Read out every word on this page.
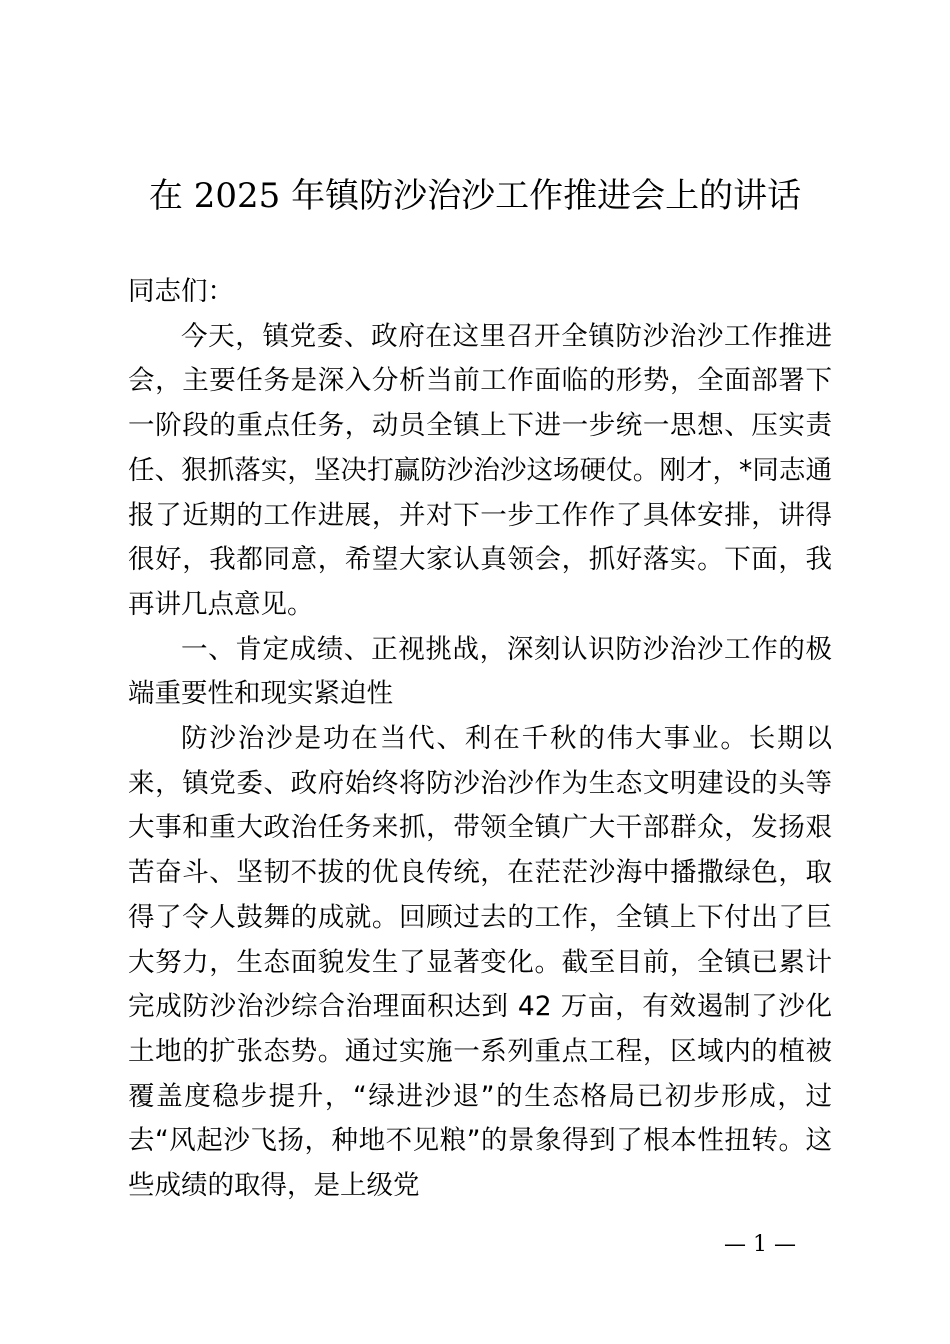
在 2025 年镇防沙治沙工作推进会上的讲话

同志们：

今天，镇党委、政府在这里召开全镇防沙治沙工作推进会，主要任务是深入分析当前工作面临的形势，全面部署下一阶段的重点任务，动员全镇上下进一步统一思想、压实责任、狠抓落实，坚决打赢防沙治沙这场硬仗。刚才，*同志通报了近期的工作进展，并对下一步工作作了具体安排，讲得很好，我都同意，希望大家认真领会，抓好落实。下面，我再讲几点意见。

一、肯定成绩、正视挑战，深刻认识防沙治沙工作的极端重要性和现实紧迫性

防沙治沙是功在当代、利在千秋的伟大事业。长期以来，镇党委、政府始终将防沙治沙作为生态文明建设的头等大事和重大政治任务来抓，带领全镇广大干部群众，发扬艰苦奋斗、坚韧不拔的优良传统，在茫茫沙海中播撒绿色，取得了令人鼓舞的成就。回顾过去的工作，全镇上下付出了巨大努力，生态面貌发生了显著变化。截至目前，全镇已累计完成防沙治沙综合治理面积达到 42 万亩，有效遏制了沙化土地的扩张态势。通过实施一系列重点工程，区域内的植被覆盖度稳步提升，“绿进沙退”的生态格局已初步形成，过去“风起沙飞扬，种地不见粮”的景象得到了根本性扭转。这些成绩的取得，是上级党

— 1 —
